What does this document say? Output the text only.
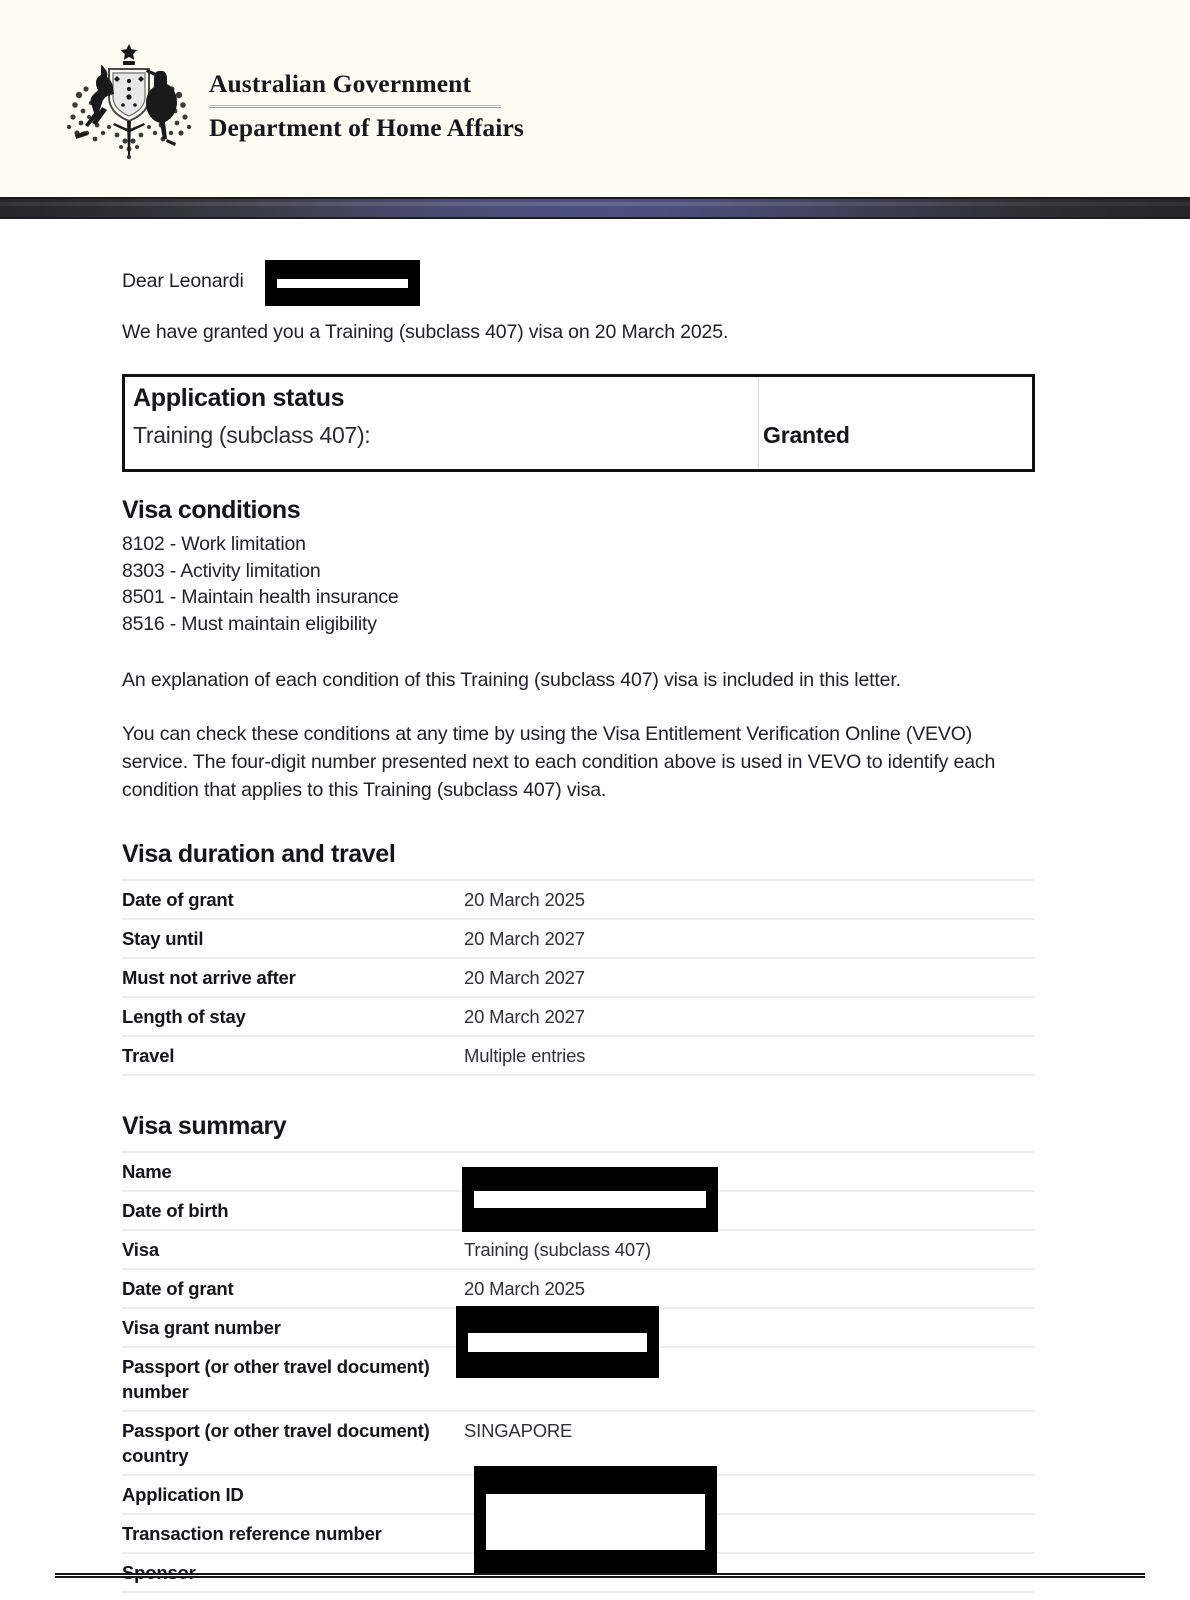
Australian Government
Department of Home Affairs
Dear Leonardi
We have granted you a Training (subclass 407) visa on 20 March 2025.
Application status
Training (subclass 407):	Granted
Visa conditions
8102 - Work limitation
8303 - Activity limitation
8501 - Maintain health insurance
8516 - Must maintain eligibility
An explanation of each condition of this Training (subclass 407) visa is included in this letter.
You can check these conditions at any time by using the Visa Entitlement Verification Online (VEVO) service. The four-digit number presented next to each condition above is used in VEVO to identify each condition that applies to this Training (subclass 407) visa.
Visa duration and travel
Date of grant	20 March 2025
Stay until	20 March 2027
Must not arrive after	20 March 2027
Length of stay	20 March 2027
Travel	Multiple entries
Visa summary
Name	
Date of birth	
Visa	Training (subclass 407)
Date of grant	20 March 2025
Visa grant number	
Passport (or other travel document) number	
Passport (or other travel document) country	SINGAPORE
Application ID	
Transaction reference number	
